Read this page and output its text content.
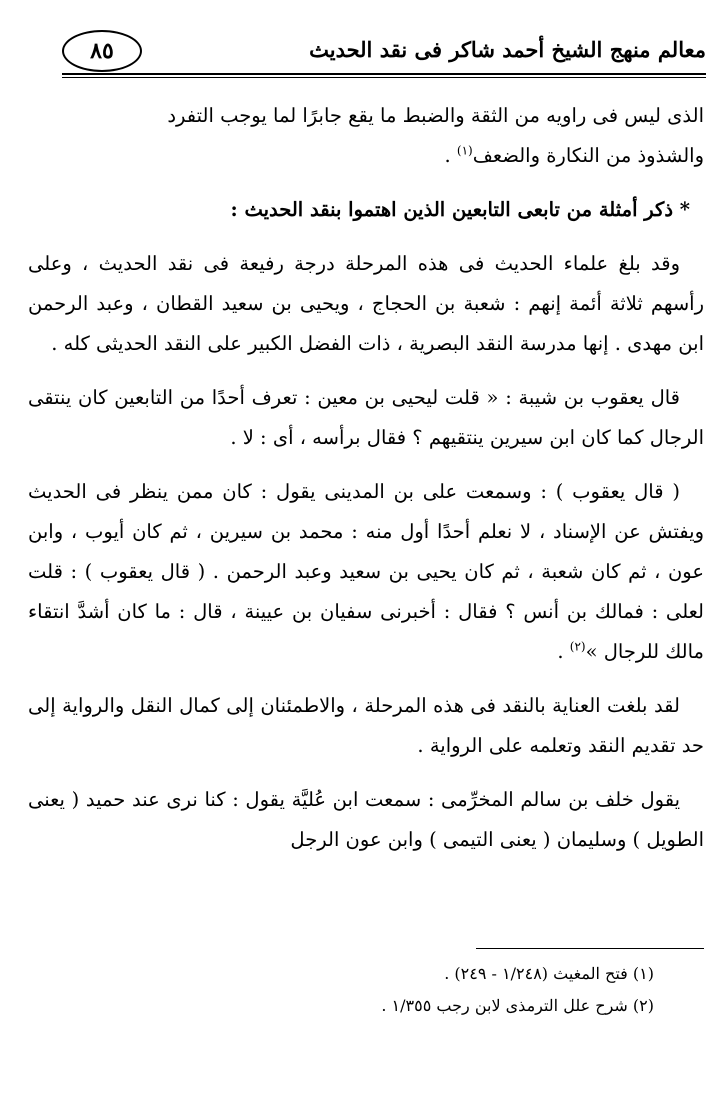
معالم منهج الشيخ أحمد شاكر فى نقد الحديث
٨٥

الذى ليس فى راويه من الثقة والضبط ما يقع جابرًا لما يوجب التفرد
والشذوذ من النكارة والضعف$^{(١)}$ .

* ذكر أمثلة من تابعى التابعين الذين اهتموا بنقد الحديث :

وقد بلغ علماء الحديث فى هذه المرحلة درجة رفيعة فى نقد الحديث ، وعلى رأسهم ثلاثة أئمة إنهم : شعبة بن الحجاج ، ويحيى بن سعيد القطان ، وعبد الرحمن ابن مهدى . إنها مدرسة النقد البصرية ، ذات الفضل الكبير على النقد الحديثى كله .

قال يعقوب بن شيبة : « قلت ليحيى بن معين : تعرف أحدًا من التابعين كان ينتقى الرجال كما كان ابن سيرين ينتقيهم ؟ فقال برأسه ، أى : لا .

( قال يعقوب ) : وسمعت على بن المدينى يقول : كان ممن ينظر فى الحديث ويفتش عن الإسناد ، لا نعلم أحدًا أول منه : محمد بن سيرين ، ثم كان أيوب ، وابن عون ، ثم كان شعبة ، ثم كان يحيى بن سعيد وعبد الرحمن . ( قال يعقوب ) : قلت لعلى : فمالك بن أنس ؟ فقال : أخبرنى سفيان بن عيينة ، قال : ما كان أشدَّ انتقاء مالك للرجال »$^{(٢)}$ .

لقد بلغت العناية بالنقد فى هذه المرحلة ، والاطمئنان إلى كمال النقل والرواية إلى حد تقديم النقد وتعلمه على الرواية .

يقول خلف بن سالم المخرِّمى : سمعت ابن عُليَّة يقول : كنا نرى عند حميد ( يعنى الطويل ) وسليمان ( يعنى التيمى ) وابن عون الرجل

(١) فتح المغيث (١/٢٤٨ - ٢٤٩) .

(٢) شرح علل الترمذى لابن رجب ١/٣٥٥ .
